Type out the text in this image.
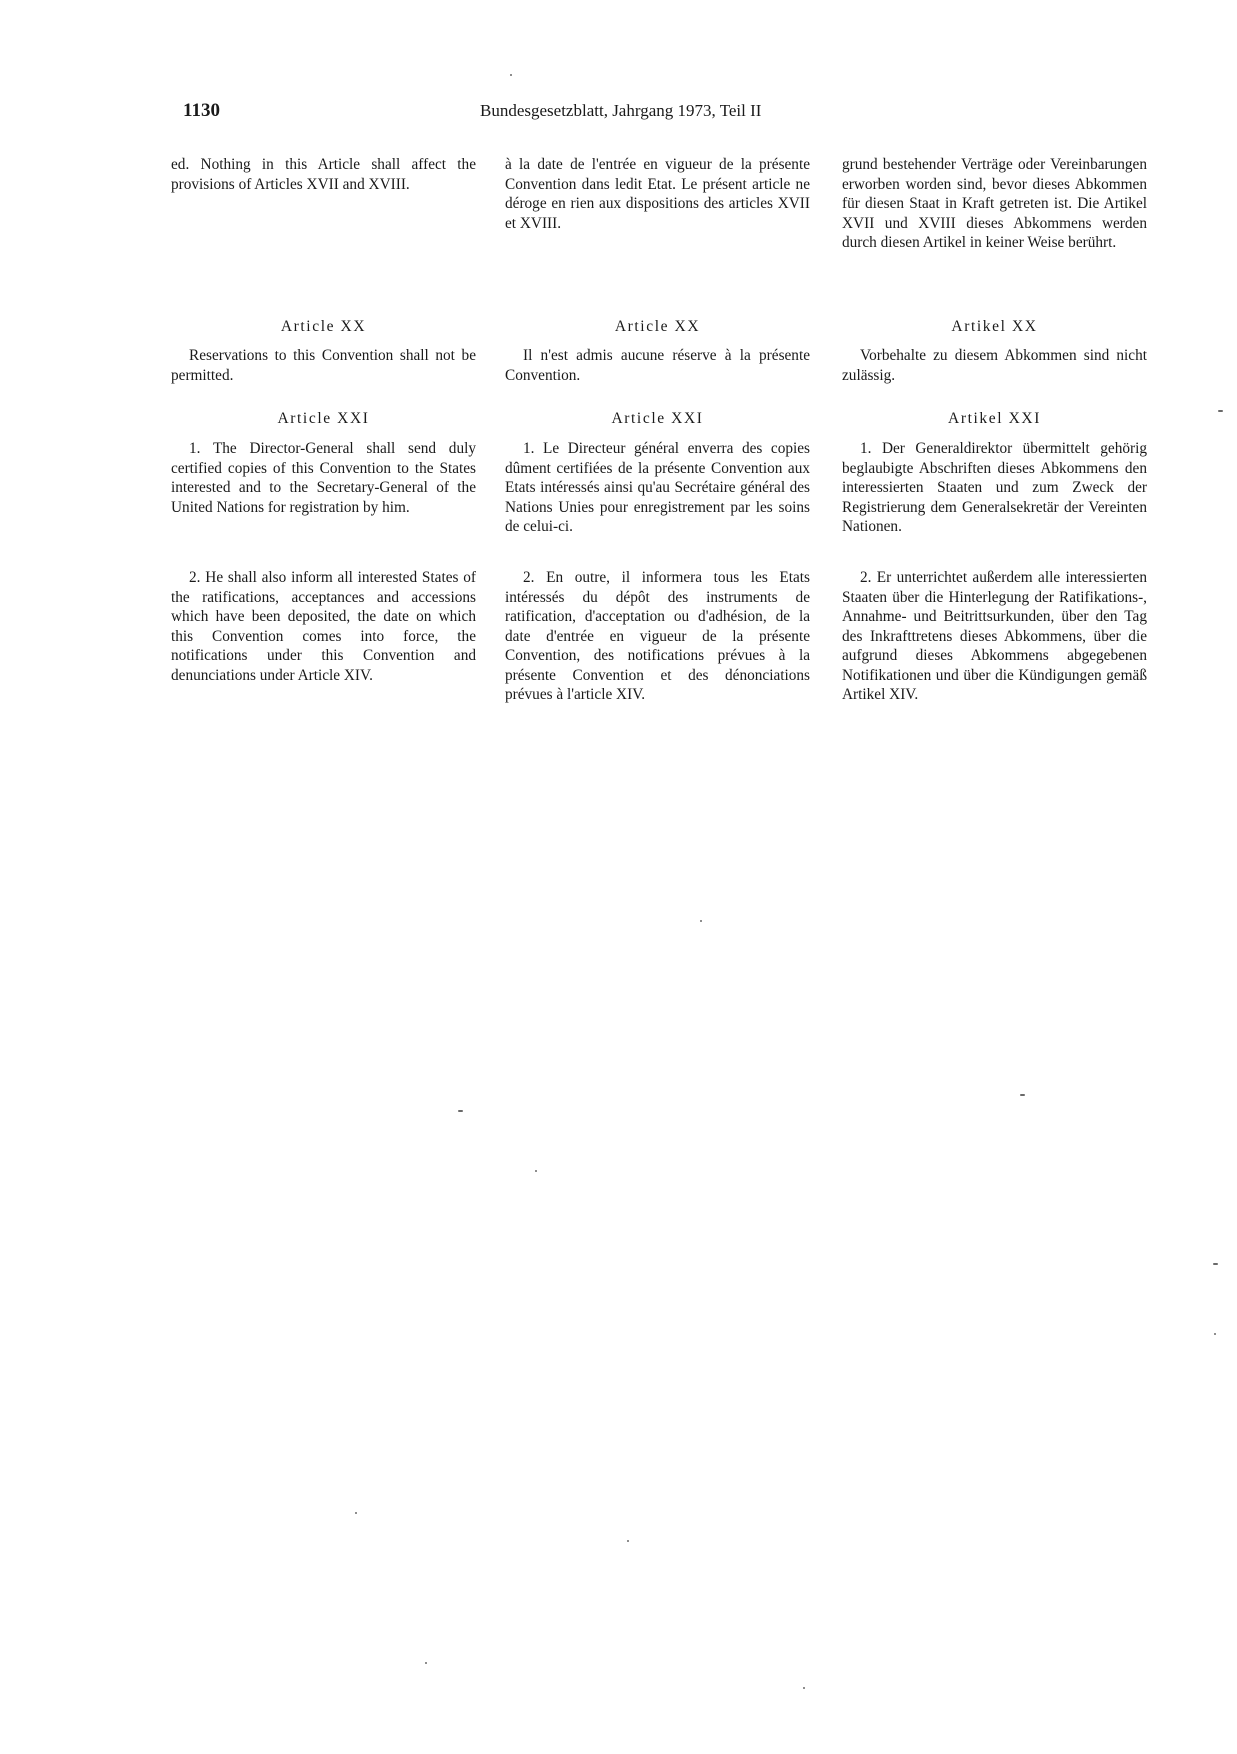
1130	Bundesgesetzblatt, Jahrgang 1973, Teil II

ed. Nothing in this Article shall affect the provisions of Articles XVII and XVIII.

à la date de l'entrée en vigueur de la présente Convention dans ledit Etat. Le présent article ne déroge en rien aux dispositions des articles XVII et XVIII.

grund bestehender Verträge oder Vereinbarungen erworben worden sind, bevor dieses Abkommen für diesen Staat in Kraft getreten ist. Die Artikel XVII und XVIII dieses Abkommens werden durch diesen Artikel in keiner Weise berührt.

Article XX	Article XX	Artikel XX

Reservations to this Convention shall not be permitted.

Il n'est admis aucune réserve à la présente Convention.

Vorbehalte zu diesem Abkommen sind nicht zulässig.

Article XXI	Article XXI	Artikel XXI

1. The Director-General shall send duly certified copies of this Convention to the States interested and to the Secretary-General of the United Nations for registration by him.

1. Le Directeur général enverra des copies dûment certifiées de la présente Convention aux Etats intéressés ainsi qu'au Secrétaire général des Nations Unies pour enregistrement par les soins de celui-ci.

1. Der Generaldirektor übermittelt gehörig beglaubigte Abschriften dieses Abkommens den interessierten Staaten und zum Zweck der Registrierung dem Generalsekretär der Vereinten Nationen.

2. He shall also inform all interested States of the ratifications, acceptances and accessions which have been deposited, the date on which this Convention comes into force, the notifications under this Convention and denunciations under Article XIV.

2. En outre, il informera tous les Etats intéressés du dépôt des instruments de ratification, d'acceptation ou d'adhésion, de la date d'entrée en vigueur de la présente Convention, des notifications prévues à la présente Convention et des dénonciations prévues à l'article XIV.

2. Er unterrichtet außerdem alle interessierten Staaten über die Hinterlegung der Ratifikations-, Annahme- und Beitrittsurkunden, über den Tag des Inkrafttretens dieses Abkommens, über die aufgrund dieses Abkommens abgegebenen Notifikationen und über die Kündigungen gemäß Artikel XIV.
